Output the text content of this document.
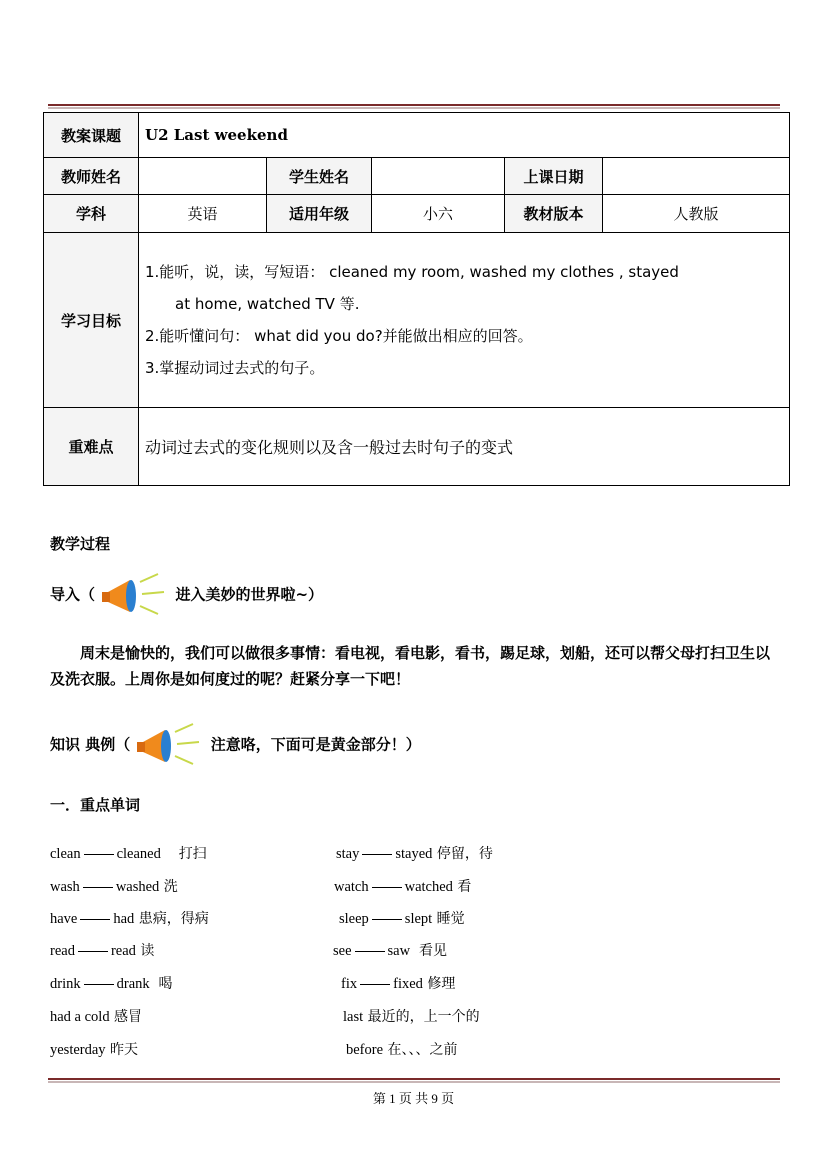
教案课题	U2 Last weekend				
教师姓名		学生姓名		上课日期	
学科	英语	适用年级	小六	教材版本	人教版
学习目标	1.能听，说，读，写短语： cleaned my room, washed my clothes , stayed
at home, watched TV 等.
2.能听懂问句： what did you do?并能做出相应的回答。
3.掌握动词过去式的句子。				

重难点	动词过去式的变化规则以及含一般过去时句子的变式				
教学过程
导入（	进入美妙的世界啦~）
周末是愉快的，我们可以做很多事情：看电视，看电影，看书，踢足球，划船，还可以帮父母打扫卫生以及洗衣服。上周你是如何度过的呢？赶紧分享一下吧！
知识 典例（	注意咯，下面可是黄金部分！）
一．重点单词
clean cleaned 打扫
wash washed 洗
have had 患病，得病
read read 读
drink drank 喝
had a cold 感冒
yesterday 昨天
stay stayed 停留，待
watch watched 看
sleep slept 睡觉
see saw 看见
fix fixed 修理
last 最近的，上一个的
before 在、、、之前
第 1 页 共 9 页
